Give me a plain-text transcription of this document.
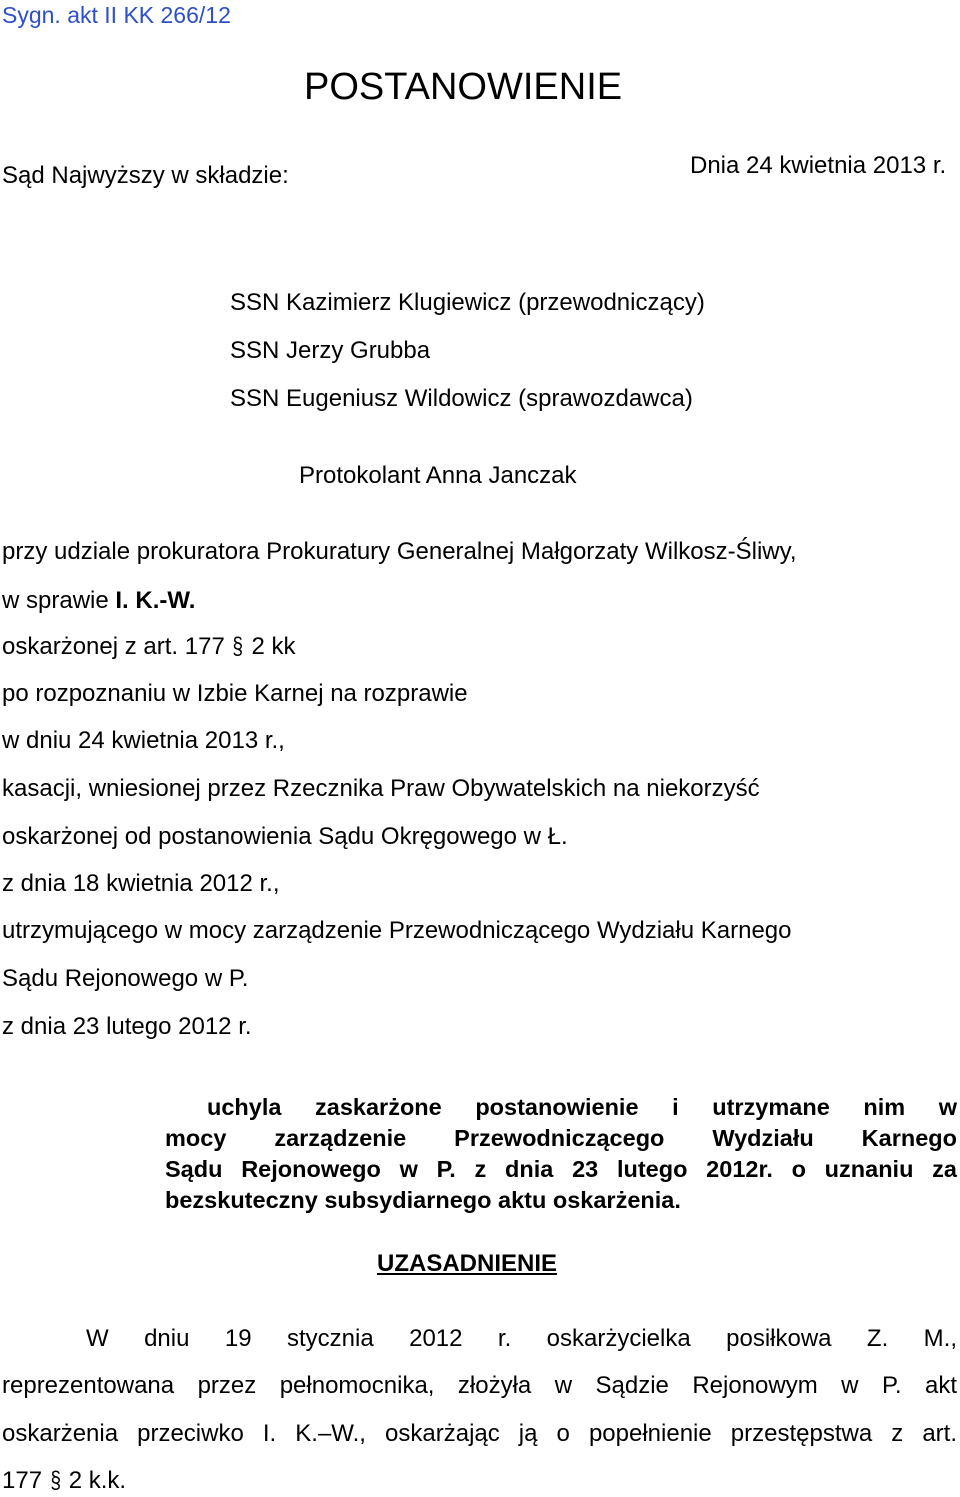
Sygn. akt II KK 266/12
POSTANOWIENIE
Dnia 24 kwietnia 2013 r.
Sąd Najwyższy w składzie:
SSN Kazimierz Klugiewicz (przewodniczący)
SSN Jerzy Grubba
SSN Eugeniusz Wildowicz (sprawozdawca)
Protokolant Anna Janczak
przy udziale prokuratora Prokuratury Generalnej Małgorzaty Wilkosz-Śliwy,
w sprawie I. K.-W.
oskarżonej z art. 177 § 2 kk
po rozpoznaniu w Izbie Karnej na rozprawie
w dniu 24 kwietnia 2013 r.,
kasacji, wniesionej przez Rzecznika Praw Obywatelskich na niekorzyść
oskarżonej od postanowienia Sądu Okręgowego w Ł.
z dnia 18 kwietnia 2012 r.,
utrzymującego w mocy zarządzenie Przewodniczącego Wydziału Karnego
Sądu Rejonowego w P.
z dnia 23 lutego 2012 r.
uchyla zaskarżone postanowienie i utrzymane nim w
mocy zarządzenie Przewodniczącego Wydziału Karnego
Sądu Rejonowego w P. z dnia 23 lutego 2012r. o uznaniu za
bezskuteczny subsydiarnego aktu oskarżenia.
UZASADNIENIE
W dniu 19 stycznia 2012 r. oskarżycielka posiłkowa Z. M.,
reprezentowana przez pełnomocnika, złożyła w Sądzie Rejonowym w P. akt
oskarżenia przeciwko I. K.–W., oskarżając ją o popełnienie przestępstwa z art.
177 § 2 k.k.
